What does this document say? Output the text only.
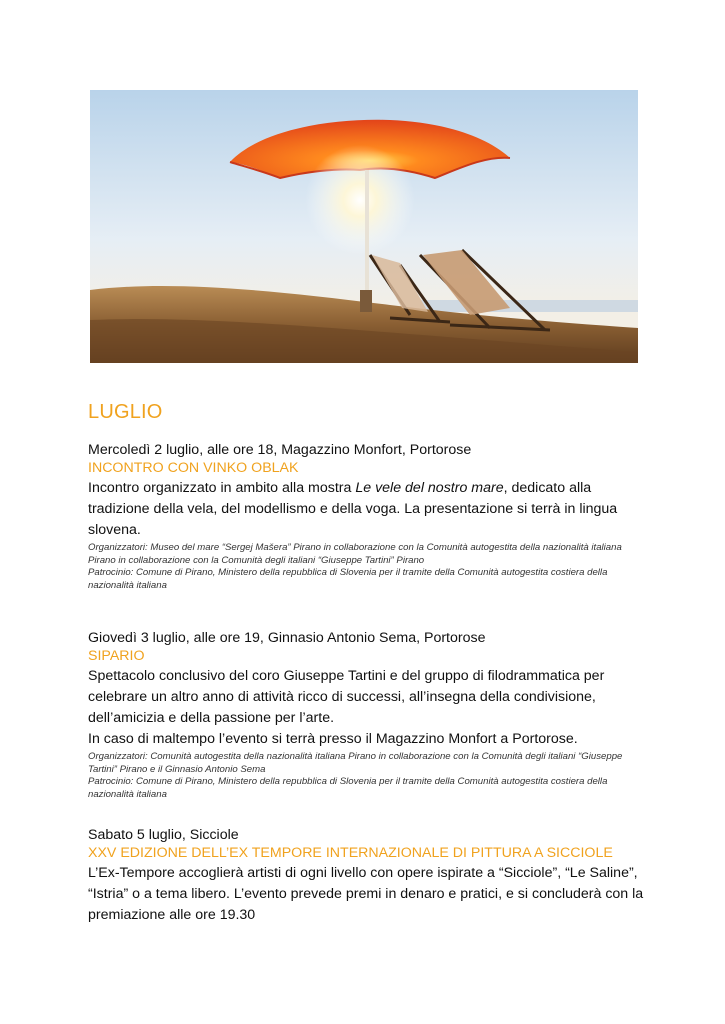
LUGLIO
Mercoledì 2 luglio, alle ore 18, Magazzino Monfort, Portorose
INCONTRO CON VINKO OBLAK
Incontro organizzato in ambito alla mostra Le vele del nostro mare, dedicato alla tradizione della vela, del modellismo e della voga. La presentazione si terrà in lingua slovena.
Organizzatori: Museo del mare “Sergej Mašera” Pirano in collaborazione con la Comunità autogestita della nazionalità italiana Pirano in collaborazione con la Comunità degli italiani “Giuseppe Tartini” Pirano
Patrocinio: Comune di Pirano, Ministero della repubblica di Slovenia per il tramite della Comunità autogestita costiera della nazionalità italiana
Giovedì 3 luglio, alle ore 19, Ginnasio Antonio Sema, Portorose
SIPARIO
Spettacolo conclusivo del coro Giuseppe Tartini e del gruppo di filodrammatica per celebrare un altro anno di attività ricco di successi, all’insegna della condivisione, dell’amicizia e della passione per l’arte.
In caso di maltempo l’evento si terrà presso il Magazzino Monfort a Portorose.
Organizzatori: Comunità autogestita della nazionalità italiana Pirano in collaborazione con la Comunità degli italiani “Giuseppe Tartini” Pirano e il Ginnasio Antonio Sema
Patrocinio: Comune di Pirano, Ministero della repubblica di Slovenia per il tramite della Comunità autogestita costiera della nazionalità italiana
Sabato 5 luglio, Sicciole
XXV EDIZIONE DELL’EX TEMPORE INTERNAZIONALE DI PITTURA A SICCIOLE
L’Ex-Tempore accoglierà artisti di ogni livello con opere ispirate a “Sicciole”, “Le Saline”, “Istria” o a tema libero. L’evento prevede premi in denaro e pratici, e si concluderà con la premiazione alle ore 19.30
